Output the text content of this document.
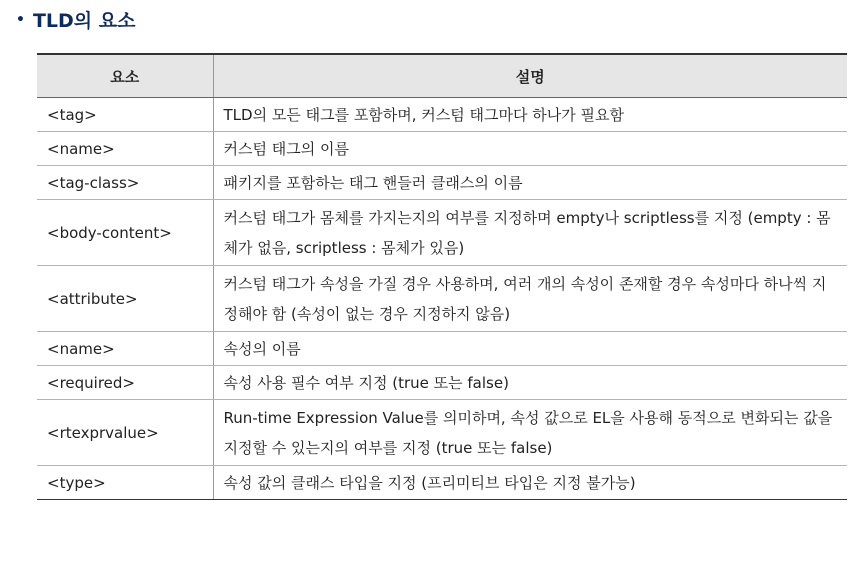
• TLD의 요소
요소	설명
<tag>	TLD의 모든 태그를 포함하며, 커스텀 태그마다 하나가 필요함
<name>	커스텀 태그의 이름
<tag-class>	패키지를 포함하는 태그 핸들러 클래스의 이름
<body-content>	커스텀 태그가 몸체를 가지는지의 여부를 지정하며 empty나 scriptless를 지정 (empty : 몸체가 없음, scriptless : 몸체가 있음)
<attribute>	커스텀 태그가 속성을 가질 경우 사용하며, 여러 개의 속성이 존재할 경우 속성마다 하나씩 지정해야 함 (속성이 없는 경우 지정하지 않음)
<name>	속성의 이름
<required>	속성 사용 필수 여부 지정 (true 또는 false)
<rtexprvalue>	Run-time Expression Value를 의미하며, 속성 값으로 EL을 사용해 동적으로 변화되는 값을 지정할 수 있는지의 여부를 지정 (true 또는 false)
<type>	속성 값의 클래스 타입을 지정 (프리미티브 타입은 지정 불가능)
